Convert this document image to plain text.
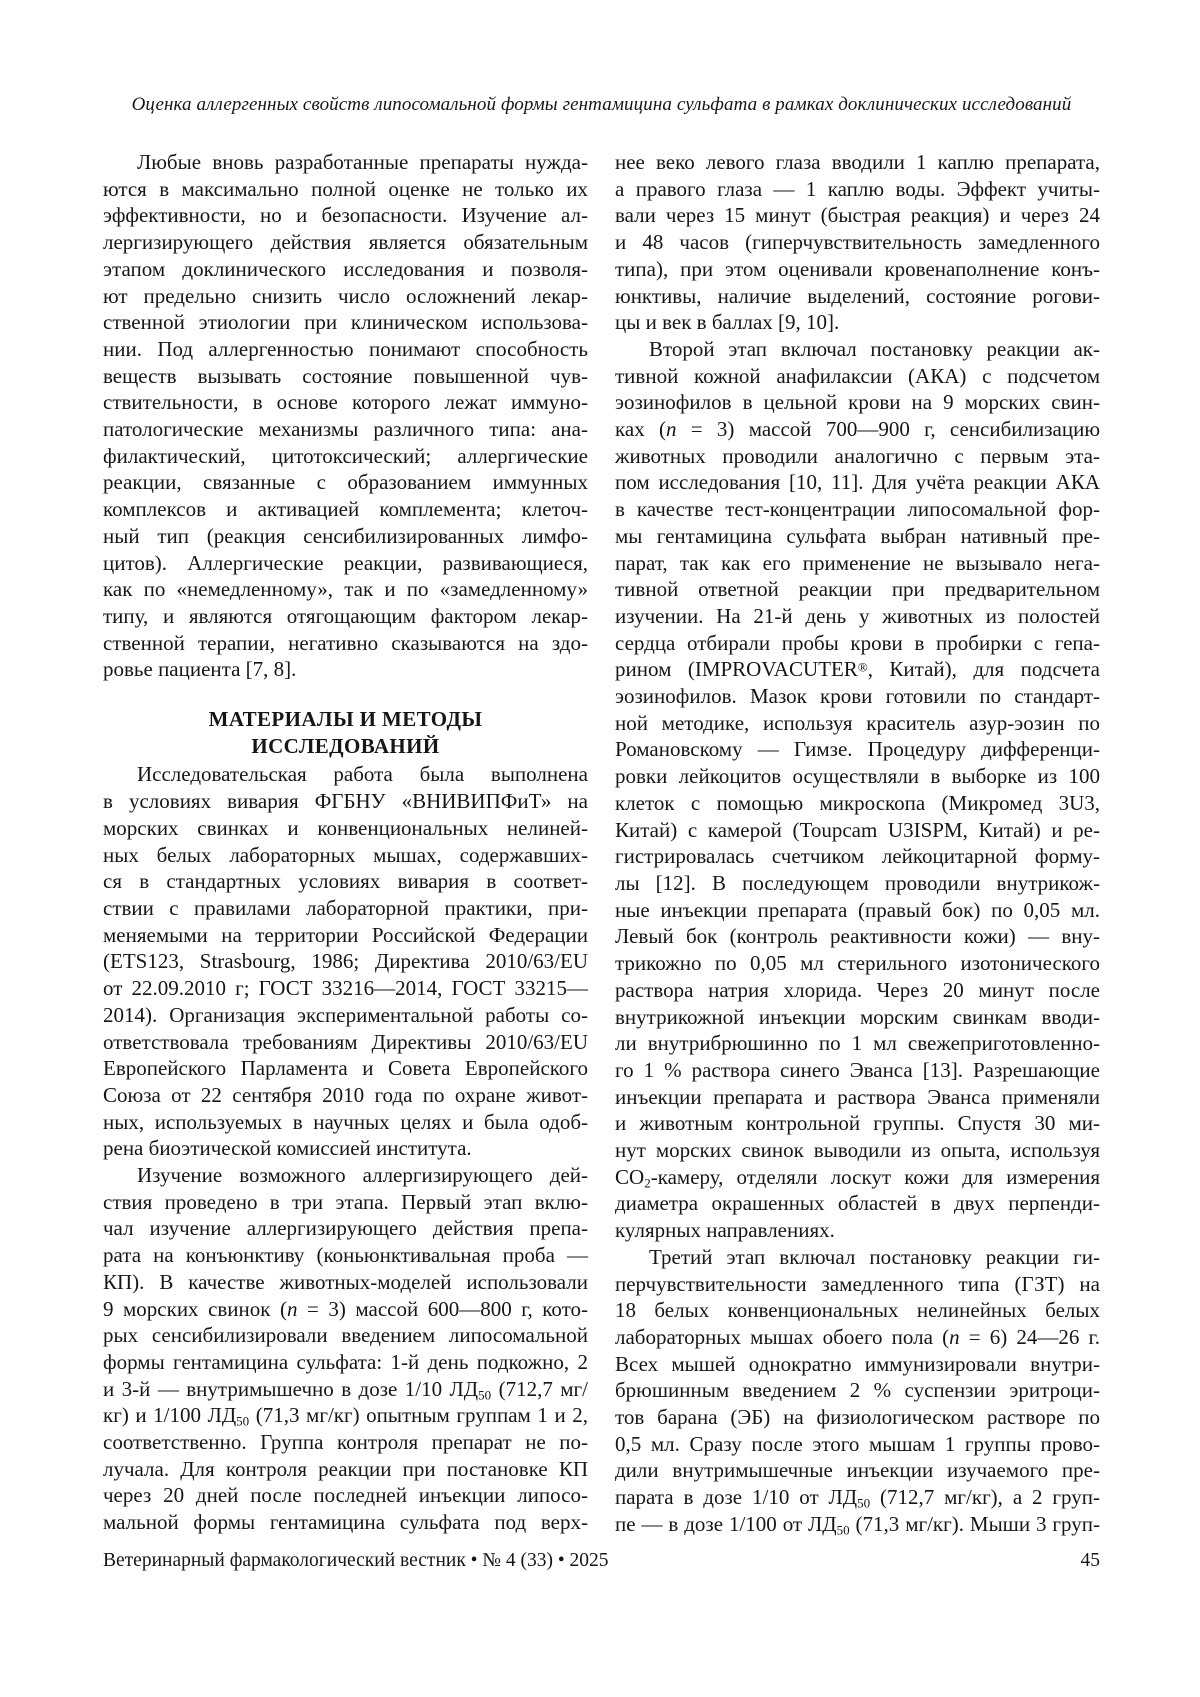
Оценка аллергенных свойств липосомальной формы гентамицина сульфата в рамках доклинических исследований
Любые вновь разработанные препараты нужда-
ются в максимально полной оценке не только их
эффективности, но и безопасности. Изучение ал-
лергизирующего действия является обязательным
этапом доклинического исследования и позволя-
ют предельно снизить число осложнений лекар-
ственной этиологии при клиническом использова-
нии. Под аллергенностью понимают способность
веществ вызывать состояние повышенной чув-
ствительности, в основе которого лежат иммуно-
патологические механизмы различного типа: ана-
филактический, цитотоксический; аллергические
реакции, связанные с образованием иммунных
комплексов и активацией комплемента; клеточ-
ный тип (реакция сенсибилизированных лимфо-
цитов). Аллергические реакции, развивающиеся,
как по «немедленному», так и по «замедленному»
типу, и являются отягощающим фактором лекар-
ственной терапии, негативно сказываются на здо-
ровье пациента [7, 8].
МАТЕРИАЛЫ И МЕТОДЫ
ИССЛЕДОВАНИЙ
Исследовательская работа была выполнена
в условиях вивария ФГБНУ «ВНИВИПФиТ» на
морских свинках и конвенциональных нелиней-
ных белых лабораторных мышах, содержавших-
ся в стандартных условиях вивария в соответ-
ствии с правилами лабораторной практики, при-
меняемыми на территории Российской Федерации
(ETS123, Strasbourg, 1986; Директива 2010/63/EU
от 22.09.2010 г; ГОСТ 33216—2014, ГОСТ 33215—
2014). Организация экспериментальной работы со-
ответствовала требованиям Директивы 2010/63/EU
Европейского Парламента и Совета Европейского
Союза от 22 сентября 2010 года по охране живот-
ных, используемых в научных целях и была одоб-
рена биоэтической комиссией института.
Изучение возможного аллергизирующего дей-
ствия проведено в три этапа. Первый этап вклю-
чал изучение аллергизирующего действия препа-
рата на конъюнктиву (коньюнктивальная проба —
КП). В качестве животных-моделей использовали
9 морских свинок (n = 3) массой 600—800 г, кото-
рых сенсибилизировали введением липосомальной
формы гентамицина сульфата: 1-й день подкожно, 2
и 3-й — внутримышечно в дозе 1/10 $ЛД_{50}$ (712,7 мг/
кг) и 1/100 $ЛД_{50}$ (71,3 мг/кг) опытным группам 1 и 2,
соответственно. Группа контроля препарат не по-
лучала. Для контроля реакции при постановке КП
через 20 дней после последней инъекции липосо-
мальной формы гентамицина сульфата под верх-
нее веко левого глаза вводили 1 каплю препарата,
а правого глаза — 1 каплю воды. Эффект учиты-
вали через 15 минут (быстрая реакция) и через 24
и 48 часов (гиперчувствительность замедленного
типа), при этом оценивали кровенаполнение конъ-
юнктивы, наличие выделений, состояние рогови-
цы и век в баллах [9, 10].
Второй этап включал постановку реакции ак-
тивной кожной анафилаксии (АКА) с подсчетом
эозинофилов в цельной крови на 9 морских свин-
ках (n = 3) массой 700—900 г, сенсибилизацию
животных проводили аналогично с первым эта-
пом исследования [10, 11]. Для учёта реакции АКА
в качестве тест-концентрации липосомальной фор-
мы гентамицина сульфата выбран нативный пре-
парат, так как его применение не вызывало нега-
тивной ответной реакции при предварительном
изучении. На 21-й день у животных из полостей
сердца отбирали пробы крови в пробирки с гепа-
рином (IMPROVACUTER®, Китай), для подсчета
эозинофилов. Мазок крови готовили по стандарт-
ной методике, используя краситель азур-эозин по
Романовскому — Гимзе. Процедуру дифференци-
ровки лейкоцитов осуществляли в выборке из 100
клеток с помощью микроскопа (Микромед 3U3,
Китай) с камерой (Toupcam U3ISPM, Китай) и ре-
гистрировалась счетчиком лейкоцитарной форму-
лы [12]. В последующем проводили внутрикож-
ные инъекции препарата (правый бок) по 0,05 мл.
Левый бок (контроль реактивности кожи) — вну-
трикожно по 0,05 мл стерильного изотонического
раствора натрия хлорида. Через 20 минут после
внутрикожной инъекции морским свинкам вводи-
ли внутрибрюшинно по 1 мл свежеприготовленно-
го 1 % раствора синего Эванса [13]. Разрешающие
инъекции препарата и раствора Эванса применяли
и животным контрольной группы. Спустя 30 ми-
нут морских свинок выводили из опыта, используя
$СО_2$-камеру, отделяли лоскут кожи для измерения
диаметра окрашенных областей в двух перпенди-
кулярных направлениях.
Третий этап включал постановку реакции ги-
перчувствительности замедленного типа (ГЗТ) на
18 белых конвенциональных нелинейных белых
лабораторных мышах обоего пола (n = 6) 24—26 г.
Всех мышей однократно иммунизировали внутри-
брюшинным введением 2 % суспензии эритроци-
тов барана (ЭБ) на физиологическом растворе по
0,5 мл. Сразу после этого мышам 1 группы прово-
дили внутримышечные инъекции изучаемого пре-
парата в дозе 1/10 от $ЛД_{50}$ (712,7 мг/кг), а 2 груп-
пе — в дозе 1/100 от $ЛД_{50}$ (71,3 мг/кг). Мыши 3 груп-
Ветеринарный фармакологический вестник • № 4 (33) • 2025	45
